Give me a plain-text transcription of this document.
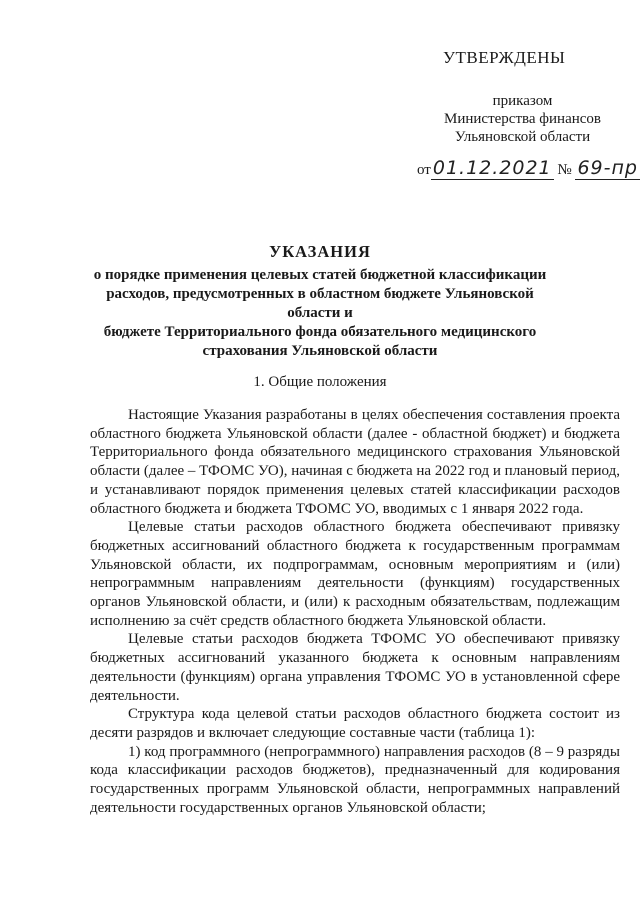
УТВЕРЖДЕНЫ
приказом
Министерства финансов
Ульяновской области
от 01.12.2021 № 69-пр
УКАЗАНИЯ
о порядке применения целевых статей бюджетной классификации
расходов, предусмотренных в областном бюджете Ульяновской области и
бюджете Территориального фонда обязательного медицинского
страхования Ульяновской области
1. Общие положения

Настоящие Указания разработаны в целях обеспечения составления проекта областного бюджета Ульяновской области (далее - областной бюджет) и бюджета Территориального фонда обязательного медицинского страхования Ульяновской области (далее – ТФОМС УО), начиная с бюджета на 2022 год и плановый период, и устанавливают порядок применения целевых статей классификации расходов областного бюджета и бюджета ТФОМС УО, вводимых с 1 января 2022 года.

Целевые статьи расходов областного бюджета обеспечивают привязку бюджетных ассигнований областного бюджета к государственным программам Ульяновской области, их подпрограммам, основным мероприятиям и (или) непрограммным направлениям деятельности (функциям) государственных органов Ульяновской области, и (или) к расходным обязательствам, подлежащим исполнению за счёт средств областного бюджета Ульяновской области.

Целевые статьи расходов бюджета ТФОМС УО обеспечивают привязку бюджетных ассигнований указанного бюджета к основным направлениям деятельности (функциям) органа управления ТФОМС УО в установленной сфере деятельности.

Структура кода целевой статьи расходов областного бюджета состоит из десяти разрядов и включает следующие составные части (таблица 1):

1) код программного (непрограммного) направления расходов (8 – 9 разряды кода классификации расходов бюджетов), предназначенный для кодирования государственных программ Ульяновской области, непрограммных направлений деятельности государственных органов Ульяновской области;
